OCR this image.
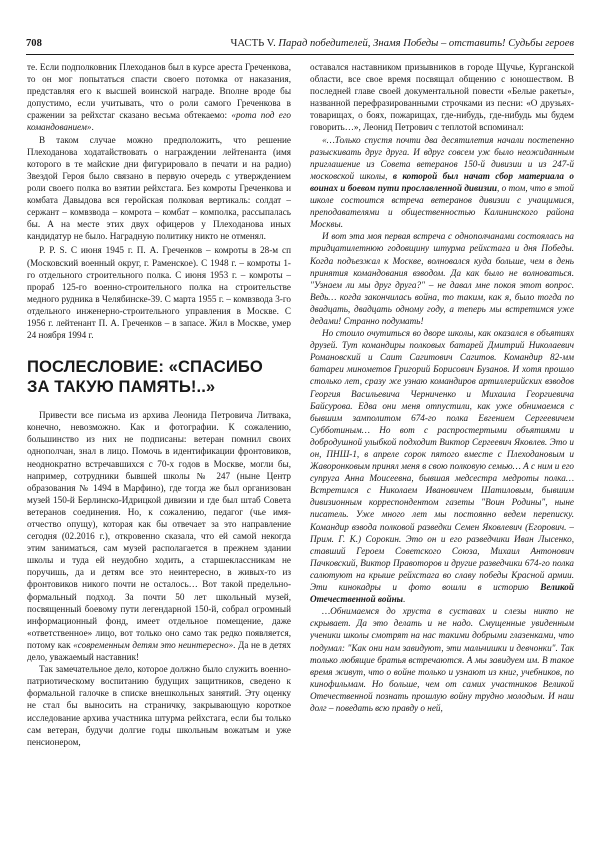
708	ЧАСТЬ V. Парад победителей, Знамя Победы – отставить! Судьбы героев

те. Если подполковник Плеходанов был в курсе ареста Греченкова, то он мог попытаться спасти своего потомка от наказания, представляя его к высшей воинской награде. Вполне вроде бы допустимо, если учитывать, что о роли самого Греченкова в сражении за рейхстаг сказано весьма обтекаемо: «рота под его командованием».

В таком случае можно предположить, что решение Плеходанова ходатайствовать о награждении лейтенанта (имя которого в те майские дни фигурировало в печати и на радио) Звездой Героя было связано в первую очередь с утверждением роли своего полка во взятии рейхстага. Без комроты Греченкова и комбата Давыдова вся геройская полковая вертикаль: солдат – сержант – комвзвода – комрота – комбат – комполка, рассыпалась бы. А на месте этих двух офицеров у Плеходанова иных кандидатур не было. Наградную политику никто не отменял.

P. P. S. С июня 1945 г. П. А. Греченков – комроты в 28-м сп (Московский военный округ, г. Раменское). С 1948 г. – комроты 1-го отдельного строительного полка. С июня 1953 г. – комроты – прораб 125-го военно-строительного полка на строительстве медного рудника в Челябинске-39. С марта 1955 г. – комвзвода 3-го отдельного инженерно-строительного управления в Москве. С 1956 г. лейтенант П. А. Греченков – в запасе. Жил в Москве, умер 24 ноября 1994 г.

ПОСЛЕСЛОВИЕ: «СПАСИБО
ЗА ТАКУЮ ПАМЯТЬ!..»

Привести все письма из архива Леонида Петровича Литвака, конечно, невозможно. Как и фотографии. К сожалению, большинство из них не подписаны: ветеран помнил своих однополчан, знал в лицо. Помочь в идентификации фронтовиков, неоднократно встречавшихся с 70-х годов в Москве, могли бы, например, сотрудники бывшей школы № 247 (ныне Центр образования № 1494 в Марфино), где тогда же был организован музей 150-й Берлинско-Идрицкой дивизии и где был штаб Совета ветеранов соединения. Но, к сожалению, педагог (чье имя-отчество опущу), которая как бы отвечает за это направление сегодня (02.2016 г.), откровенно сказала, что ей самой некогда этим заниматься, сам музей располагается в прежнем здании школы и туда ей неудобно ходить, а старшеклассникам не поручишь, да и детям все это неинтересно, в живых-то из фронтовиков никого почти не осталось… Вот такой предельно-формальный подход. За почти 50 лет школьный музей, посвященный боевому пути легендарной 150-й, собрал огромный информационный фонд, имеет отдельное помещение, даже «ответственное» лицо, вот только оно само так редко появляется, потому как «современным детям это неинтересно». Да не в детях дело, уважаемый наставник!

Так замечательное дело, которое должно было служить военно-патриотическому воспитанию будущих защитников, сведено к формальной галочке в списке внешкольных занятий. Эту оценку не стал бы выносить на страничку, закрывающую короткое исследование архива участника штурма рейхстага, если бы только сам ветеран, будучи долгие годы школьным вожатым и уже пенсионером,

оставался наставником призывников в городе Щучье, Курганской области, все свое время посвящал общению с юношеством. В последней главе своей документальной повести «Белые ракеты», названной перефразированными строчками из песни: «О друзьях-товарищах, о боях, пожарищах, где-нибудь, где-нибудь мы будем говорить…», Леонид Петрович с теплотой вспоминал:

«…Только спустя почти два десятилетия начали постепенно разыскивать друг друга. И вдруг совсем уж было неожиданным приглашение из Совета ветеранов 150-й дивизии и из 247-й московской школы, в которой был начат сбор материала о воинах и боевом пути прославленной дивизии, о том, что в этой школе состоится встреча ветеранов дивизии с учащимися, преподавателями и общественностью Калининского района Москвы.

И вот эта моя первая встреча с однополчанами состоялась на тридцатилетнюю годовщину штурма рейхстага и дня Победы. Когда подъезжал к Москве, волновался куда больше, чем в день принятия командования взводом. Да как было не волноваться. "Узнаем ли мы друг друга?" – не давал мне покоя этот вопрос. Ведь… когда закончилась война, то таким, как я, было тогда по двадцать, двадцать одному году, а теперь мы встретимся уже дедами! Странно подумать!

Но стоило очутиться во дворе школы, как оказался в объятиях друзей. Тут командиры полковых батарей Дмитрий Николаевич Романовский и Саит Сагитович Сагитов. Командир 82-мм батареи минометов Григорий Борисович Бузанов. И хотя прошло столько лет, сразу же узнаю командиров артиллерийских взводов Георгия Васильевича Черниченко и Михаила Георгиевича Байсурова. Едва они меня отпустили, как уже обнимаемся с бывшим замполитом 674-го полка Евгением Сергеевичем Субботиным… Но вот с распростертыми объятиями и добродушной улыбкой подходит Виктор Сергеевич Яковлев. Это и он, ПНШ-1, в апреле сорок пятого вместе с Плеходановым и Жаворонковым принял меня в свою полковую семью… А с ним и его супруга Анна Моисеевна, бывшая медсестра медроты полка… Встретился с Николаем Ивановичем Шатиловым, бывшим дивизионным корреспондентом газеты "Воин Родины", ныне писатель. Уже много лет мы постоянно ведем переписку. Командир взвода полковой разведки Семен Яковлевич (Егорович. – Прим. Г. К.) Сорокин. Это он и его разведчики Иван Лысенко, ставший Героем Советского Союза, Михаил Антонович Пачковский, Виктор Правоторов и другие разведчики 674-го полка салютуют на крыше рейхстага во славу победы Красной армии. Эти кинокадры и фото вошли в историю Великой Отечественной войны.

…Обнимаемся до хруста в суставах и слезы никто не скрывает. Да это делать и не надо. Смущенные увиденным ученики школы смотрят на нас такими добрыми глазенками, что подумал: "Как они нам завидуют, эти мальчишки и девчонки". Так только любящие братья встречаются. А мы завидуем им. В такое время живут, что о войне только и узнают из книг, учебников, по кинофильмам. Но больше, чем от самих участников Великой Отечественной познать прошлую войну трудно молодым. И наш долг – поведать всю правду о ней,
